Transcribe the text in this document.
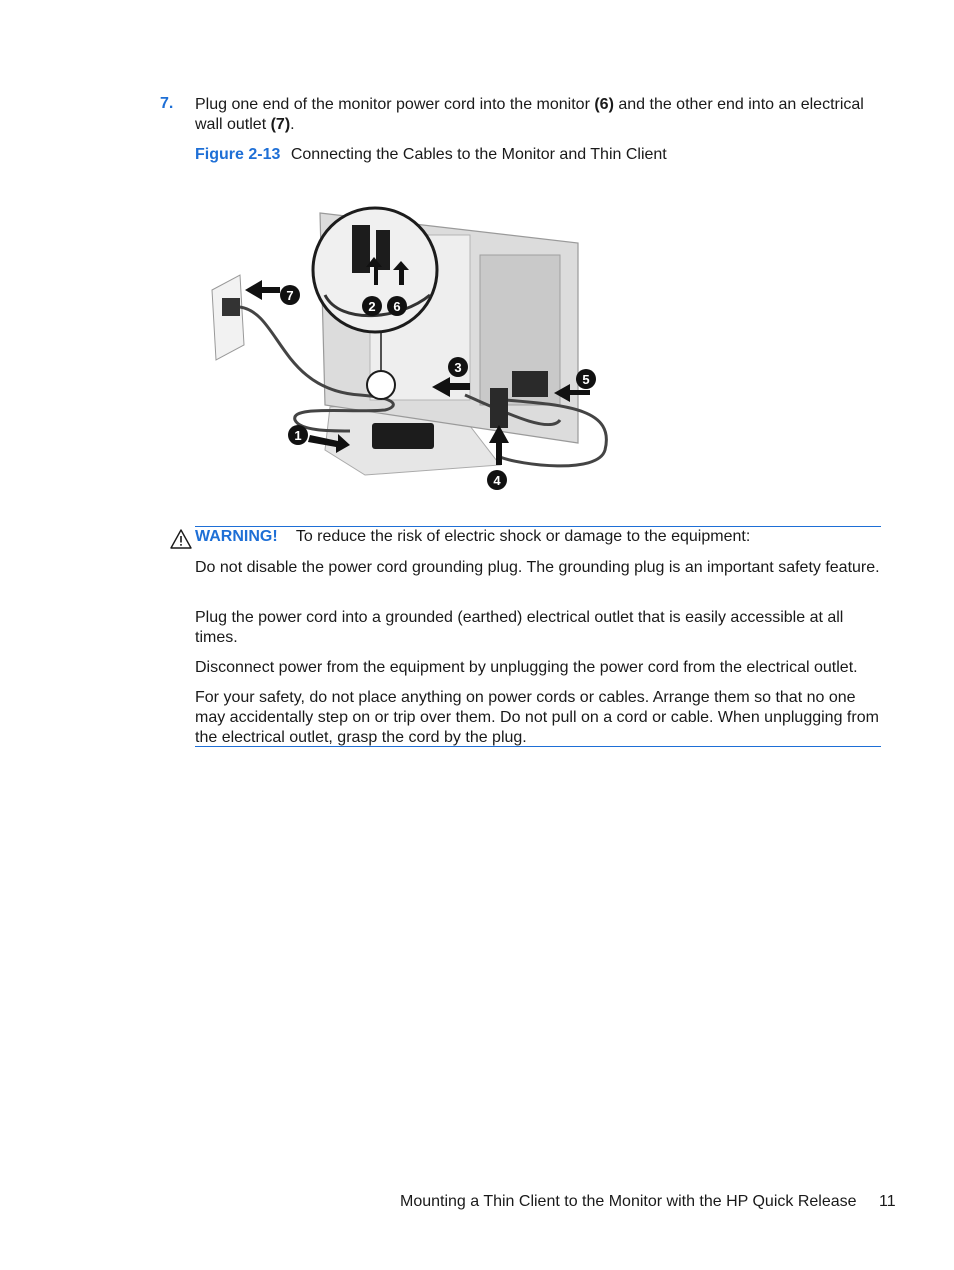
7. Plug one end of the monitor power cord into the monitor (6) and the other end into an electrical wall outlet (7).
Figure 2-13 Connecting the Cables to the Monitor and Thin Client
1
2
3
4
5
6
7
WARNING! To reduce the risk of electric shock or damage to the equipment:
Do not disable the power cord grounding plug. The grounding plug is an important safety feature.
Plug the power cord into a grounded (earthed) electrical outlet that is easily accessible at all times.
Disconnect power from the equipment by unplugging the power cord from the electrical outlet.
For your safety, do not place anything on power cords or cables. Arrange them so that no one may accidentally step on or trip over them. Do not pull on a cord or cable. When unplugging from the electrical outlet, grasp the cord by the plug.
Mounting a Thin Client to the Monitor with the HP Quick Release 11
